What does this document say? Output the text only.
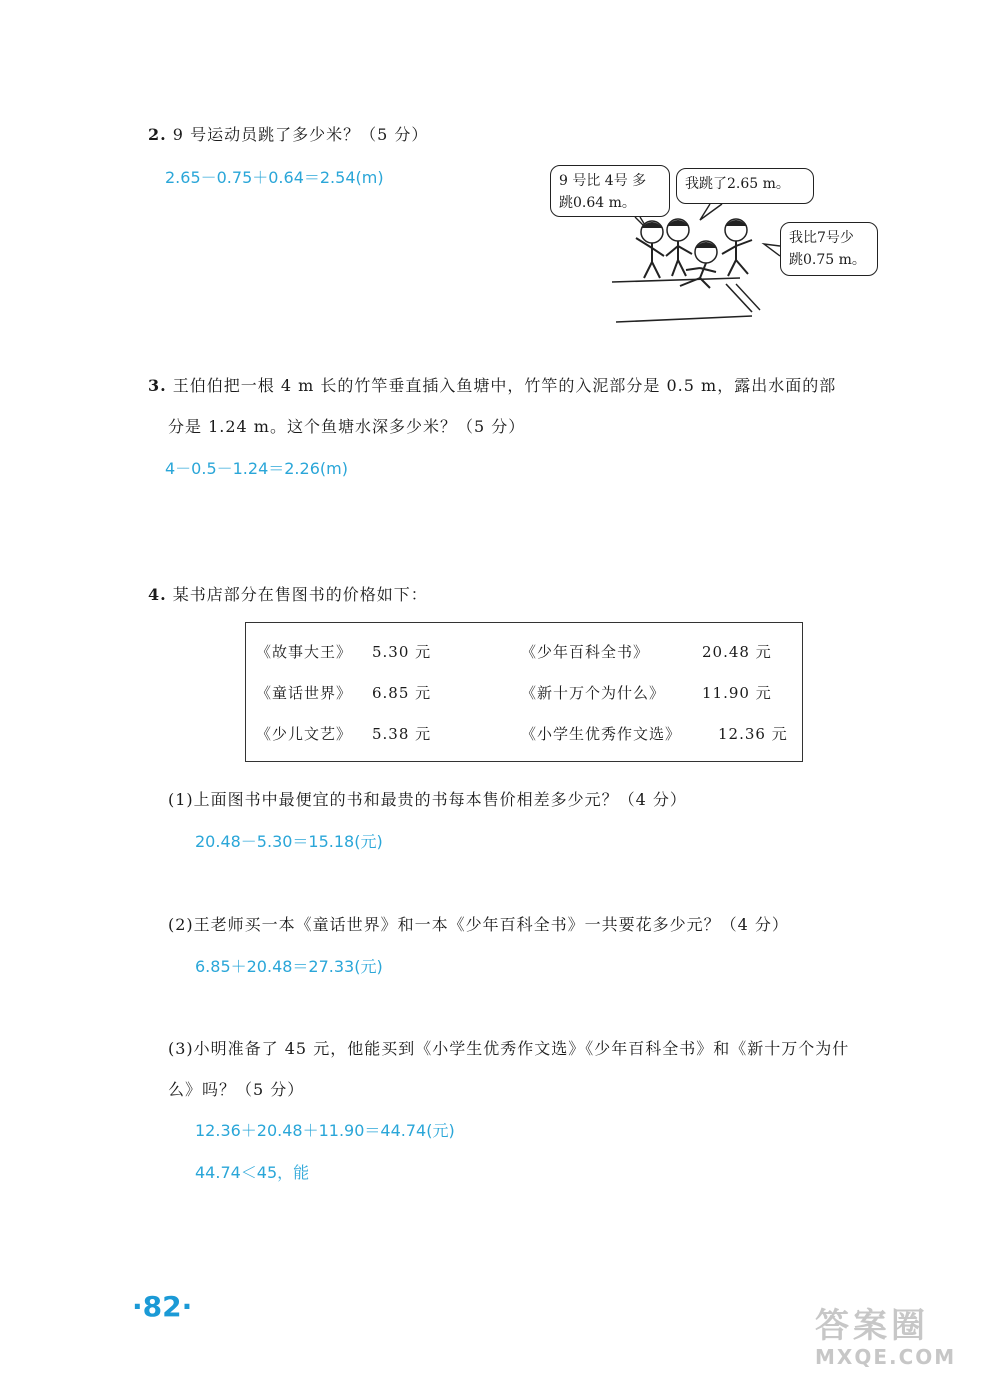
2. 9 号运动员跳了多少米？（5 分）
2.65－0.75＋0.64＝2.54(m)	9 号比 4号 多
跳0.64 m。
我跳了2.65 m。
我比7号少
跳0.75 m。
3. 王伯伯把一根 4 m 长的竹竿垂直插入鱼塘中，竹竿的入泥部分是 0.5 m，露出水面的部
分是 1.24 m。这个鱼塘水深多少米？（5 分）
4－0.5－1.24＝2.26(m)
4. 某书店部分在售图书的价格如下：
《故事大王》 5.30 元	《少年百科全书》	20.48 元
《童话世界》 6.85 元	《新十万个为什么》 11.90 元
《少儿文艺》 5.38 元	《小学生优秀作文选》 12.36 元
(1)上面图书中最便宜的书和最贵的书每本售价相差多少元？（4 分）
20.48－5.30＝15.18(元)
(2)王老师买一本《童话世界》和一本《少年百科全书》一共要花多少元？（4 分）
6.85＋20.48＝27.33(元)
(3)小明准备了 45 元，他能买到《小学生优秀作文选》《少年百科全书》和《新十万个为什
么》吗？（5 分）
12.36＋20.48＋11.90＝44.74(元)
44.74＜45，能
·82·	答案圈
MXQE.COM
